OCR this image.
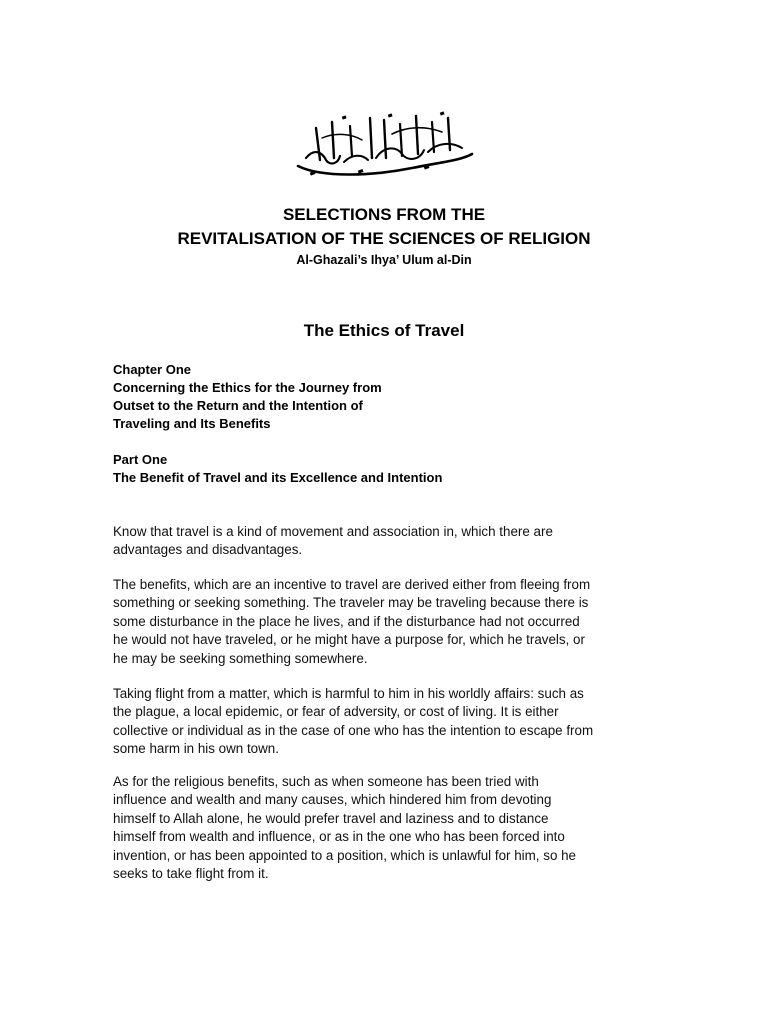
SELECTIONS FROM THE
REVITALISATION OF THE SCIENCES OF RELIGION
Al-Ghazali’s Ihya’ Ulum al-Din
The Ethics of Travel
Chapter One
Concerning the Ethics for the Journey from
Outset to the Return and the Intention of
Traveling and Its Benefits
Part One
The Benefit of Travel and its Excellence and Intention
Know that travel is a kind of movement and association in, which there are
advantages and disadvantages.
The benefits, which are an incentive to travel are derived either from fleeing from
something or seeking something. The traveler may be traveling because there is
some disturbance in the place he lives, and if the disturbance had not occurred
he would not have traveled, or he might have a purpose for, which he travels, or
he may be seeking something somewhere.
Taking flight from a matter, which is harmful to him in his worldly affairs: such as
the plague, a local epidemic, or fear of adversity, or cost of living. It is either
collective or individual as in the case of one who has the intention to escape from
some harm in his own town.
As for the religious benefits, such as when someone has been tried with
influence and wealth and many causes, which hindered him from devoting
himself to Allah alone, he would prefer travel and laziness and to distance
himself from wealth and influence, or as in the one who has been forced into
invention, or has been appointed to a position, which is unlawful for him, so he
seeks to take flight from it.
